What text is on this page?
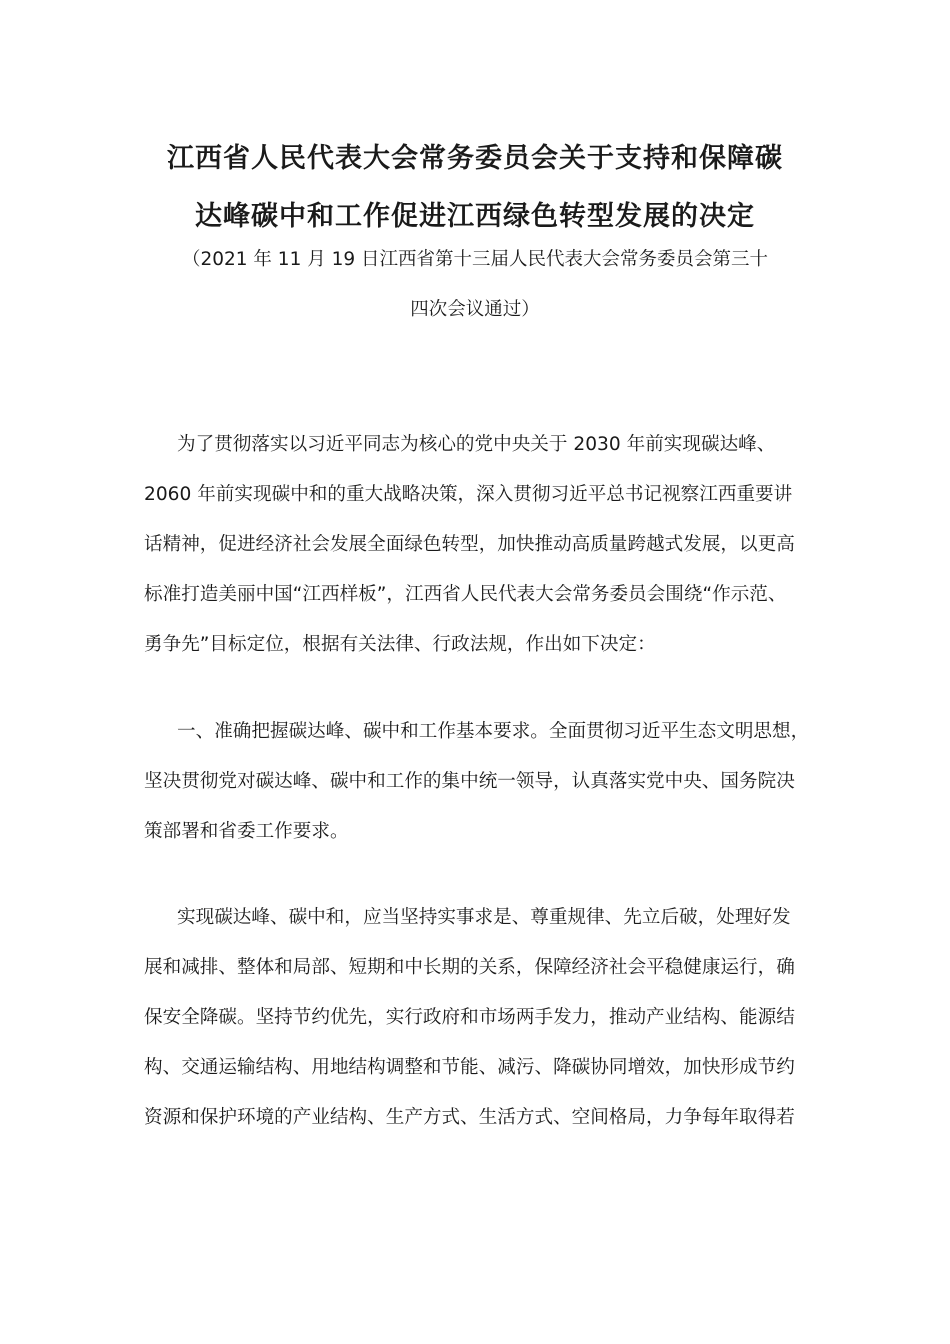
江西省人民代表大会常务委员会关于支持和保障碳
达峰碳中和工作促进江西绿色转型发展的决定
（2021 年 11 月 19 日江西省第十三届人民代表大会常务委员会第三十
四次会议通过）
为了贯彻落实以习近平同志为核心的党中央关于 2030 年前实现碳达峰、
2060 年前实现碳中和的重大战略决策，深入贯彻习近平总书记视察江西重要讲
话精神，促进经济社会发展全面绿色转型，加快推动高质量跨越式发展，以更高
标准打造美丽中国“江西样板”，江西省人民代表大会常务委员会围绕“作示范、
勇争先”目标定位，根据有关法律、行政法规，作出如下决定：
一、准确把握碳达峰、碳中和工作基本要求。全面贯彻习近平生态文明思想，
坚决贯彻党对碳达峰、碳中和工作的集中统一领导，认真落实党中央、国务院决
策部署和省委工作要求。
实现碳达峰、碳中和，应当坚持实事求是、尊重规律、先立后破，处理好发
展和减排、整体和局部、短期和中长期的关系，保障经济社会平稳健康运行，确
保安全降碳。坚持节约优先，实行政府和市场两手发力，推动产业结构、能源结
构、交通运输结构、用地结构调整和节能、减污、降碳协同增效，加快形成节约
资源和保护环境的产业结构、生产方式、生活方式、空间格局，力争每年取得若
